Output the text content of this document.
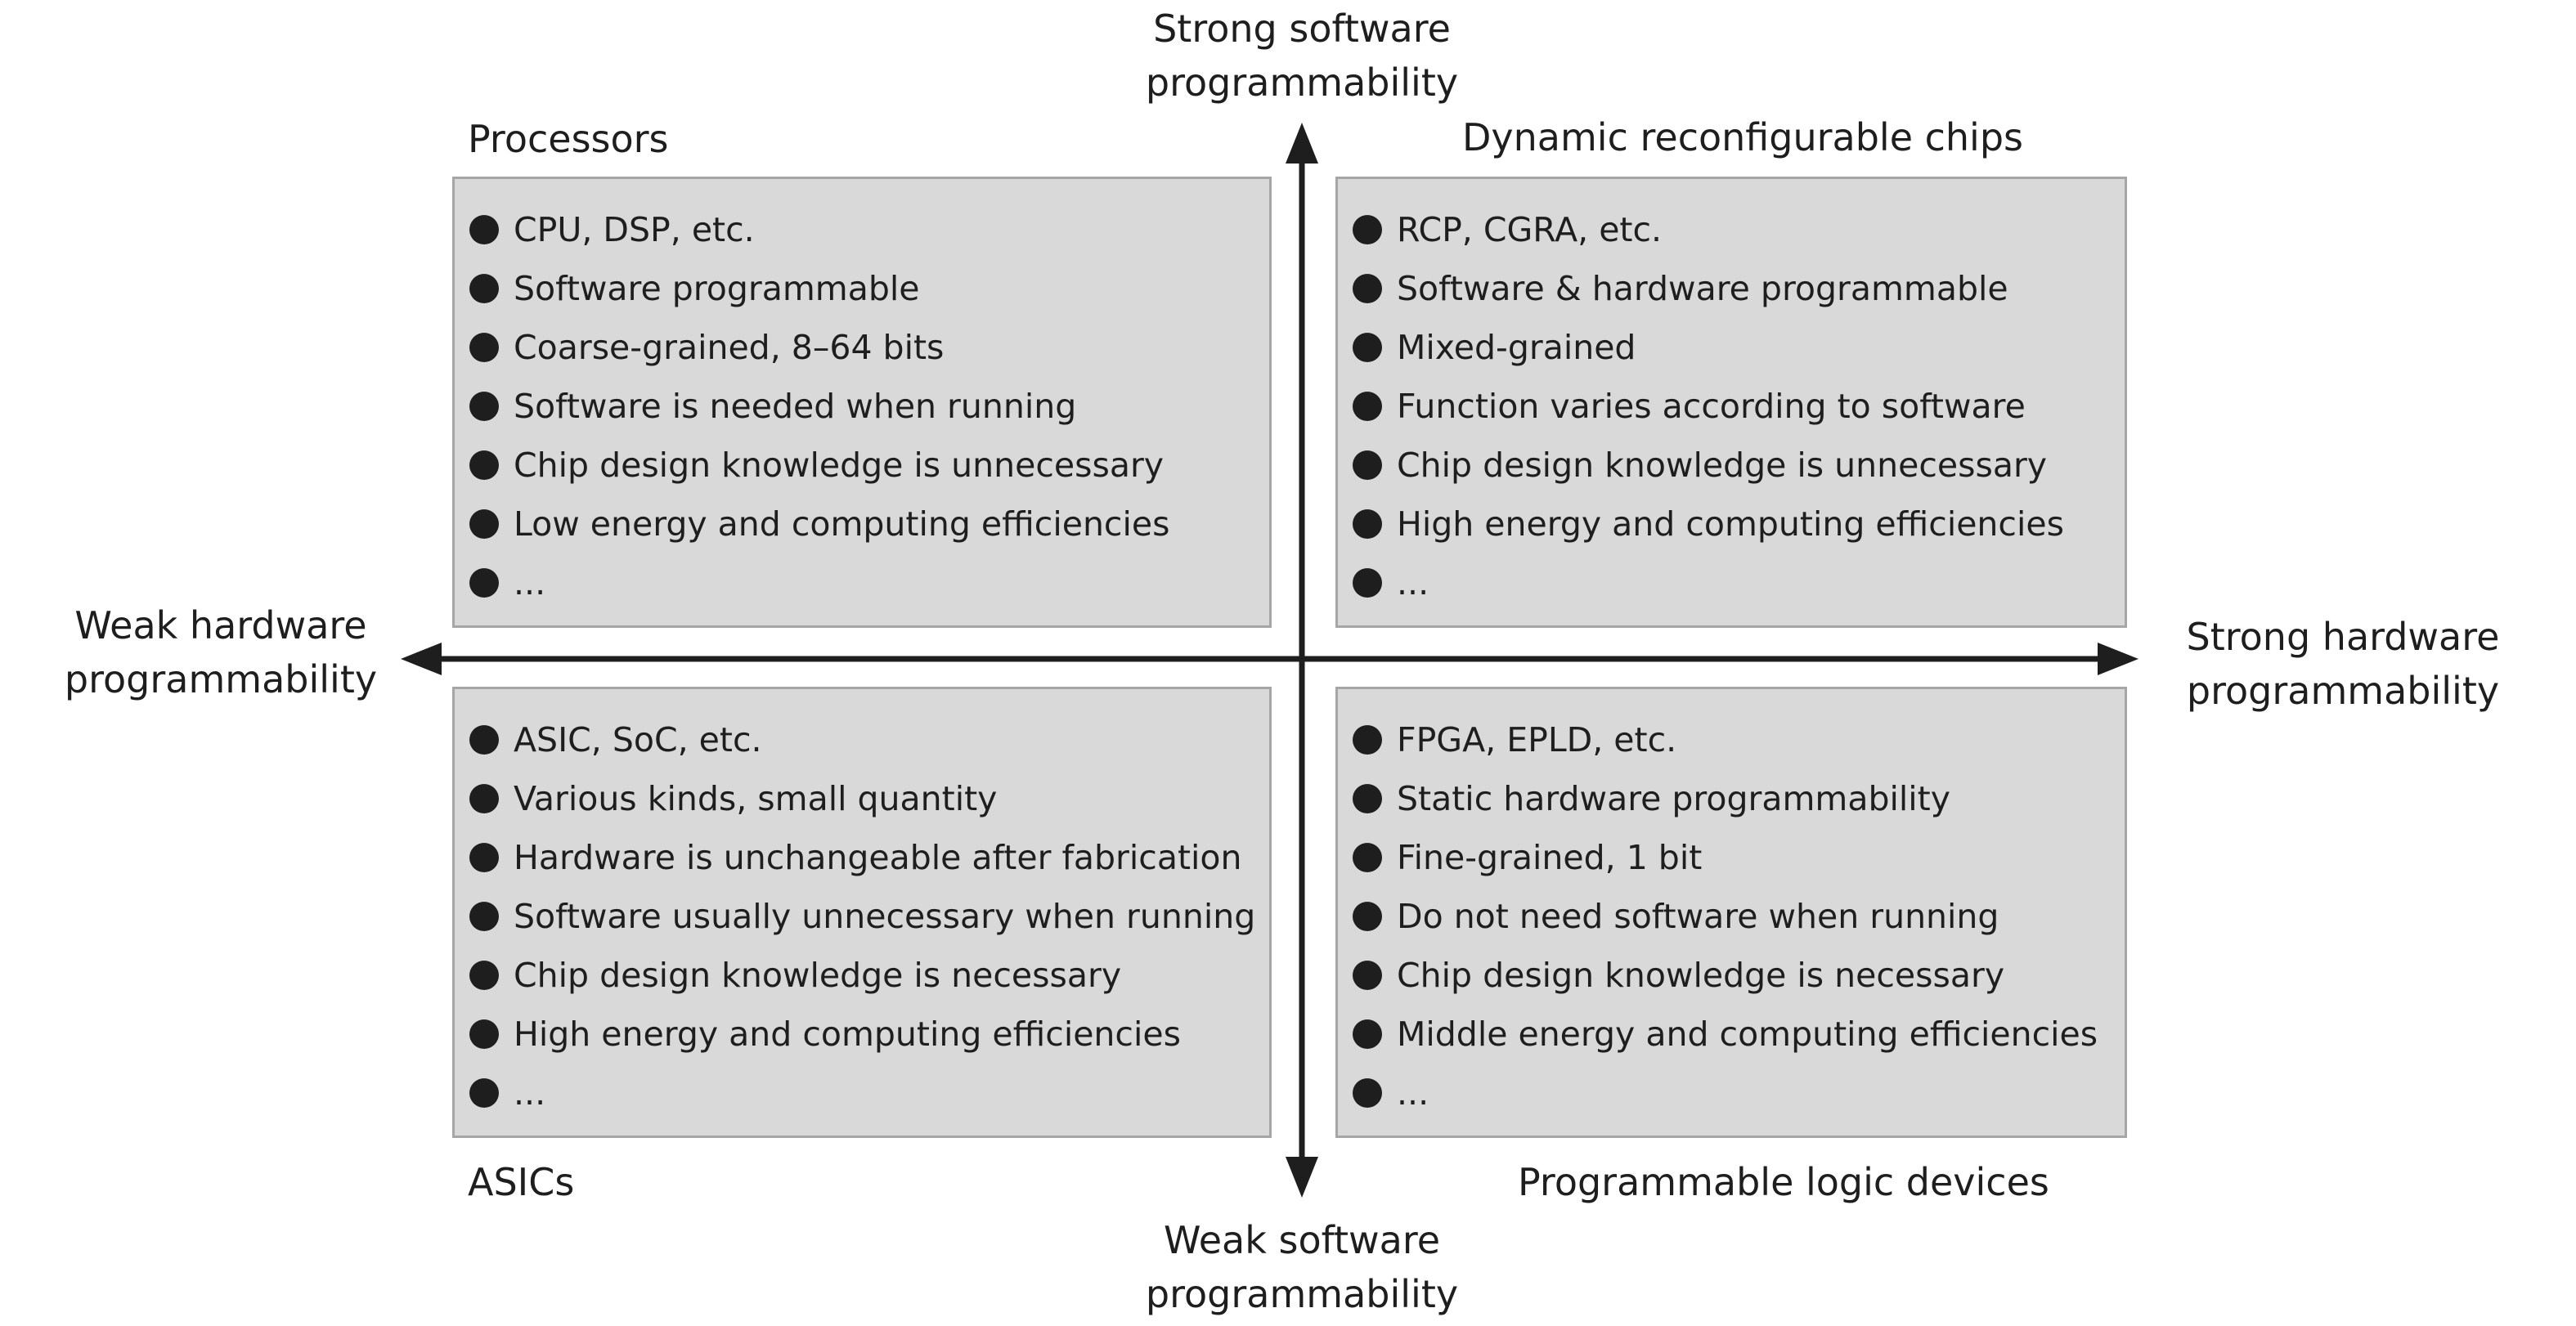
Strong software
programmability
Weak software
programmability
Weak hardware
programmability
Strong hardware
programmability
Processors	Dynamic reconfigurable chips
ASICs	Programmable logic devices
CPU, DSP, etc.
Software programmable
Coarse-grained, 8–64 bits
Software is needed when running
Chip design knowledge is unnecessary
Low energy and computing efficiencies
...
RCP, CGRA, etc.
Software & hardware programmable
Mixed-grained
Function varies according to software
Chip design knowledge is unnecessary
High energy and computing efficiencies
...
ASIC, SoC, etc.
Various kinds, small quantity
Hardware is unchangeable after fabrication
Software usually unnecessary when running
Chip design knowledge is necessary
High energy and computing efficiencies
...
FPGA, EPLD, etc.
Static hardware programmability
Fine-grained, 1 bit
Do not need software when running
Chip design knowledge is necessary
Middle energy and computing efficiencies
...
